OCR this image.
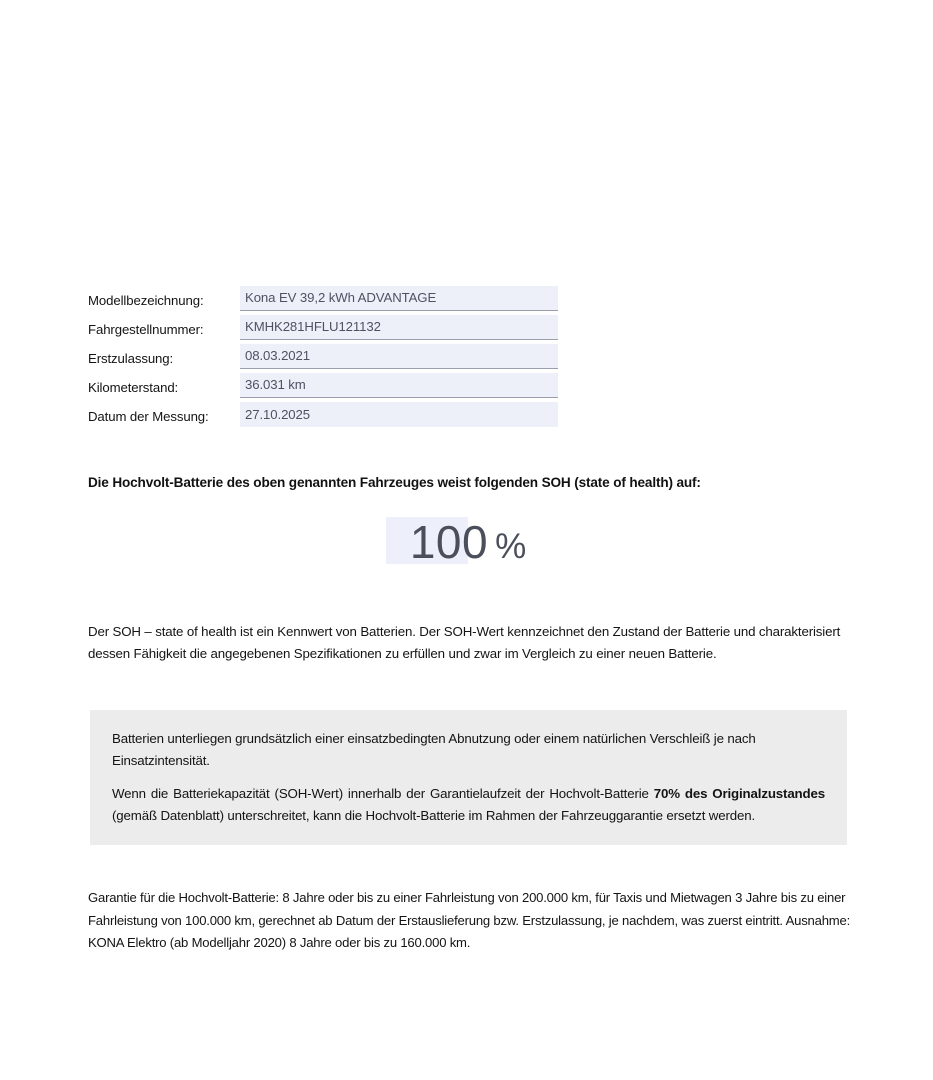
Modellbezeichnung:	Kona EV 39,2 kWh ADVANTAGE
Fahrgestellnummer:	KMHK281HFLU121132
Erstzulassung:	08.03.2021
Kilometerstand:	36.031 km
Datum der Messung:	27.10.2025
Die Hochvolt-Batterie des oben genannten Fahrzeuges weist folgenden SOH (state of health) auf:
100 %
Der SOH – state of health ist ein Kennwert von Batterien. Der SOH-Wert kennzeichnet den Zustand der Batterie und charakterisiert dessen Fähigkeit die angegebenen Spezifikationen zu erfüllen und zwar im Vergleich zu einer neuen Batterie.

Batterien unterliegen grundsätzlich einer einsatzbedingten Abnutzung oder einem natürlichen Verschleiß je nach Einsatzintensität.

Wenn die Batteriekapazität (SOH-Wert) innerhalb der Garantielaufzeit der Hochvolt-Batterie 70% des Originalzustandes (gemäß Datenblatt) unterschreitet, kann die Hochvolt-Batterie im Rahmen der Fahrzeuggarantie ersetzt werden.

Garantie für die Hochvolt-Batterie: 8 Jahre oder bis zu einer Fahrleistung von 200.000 km, für Taxis und Mietwagen 3 Jahre bis zu einer Fahrleistung von 100.000 km, gerechnet ab Datum der Erstauslieferung bzw. Erstzulassung, je nachdem, was zuerst eintritt. Ausnahme: KONA Elektro (ab Modelljahr 2020) 8 Jahre oder bis zu 160.000 km.
